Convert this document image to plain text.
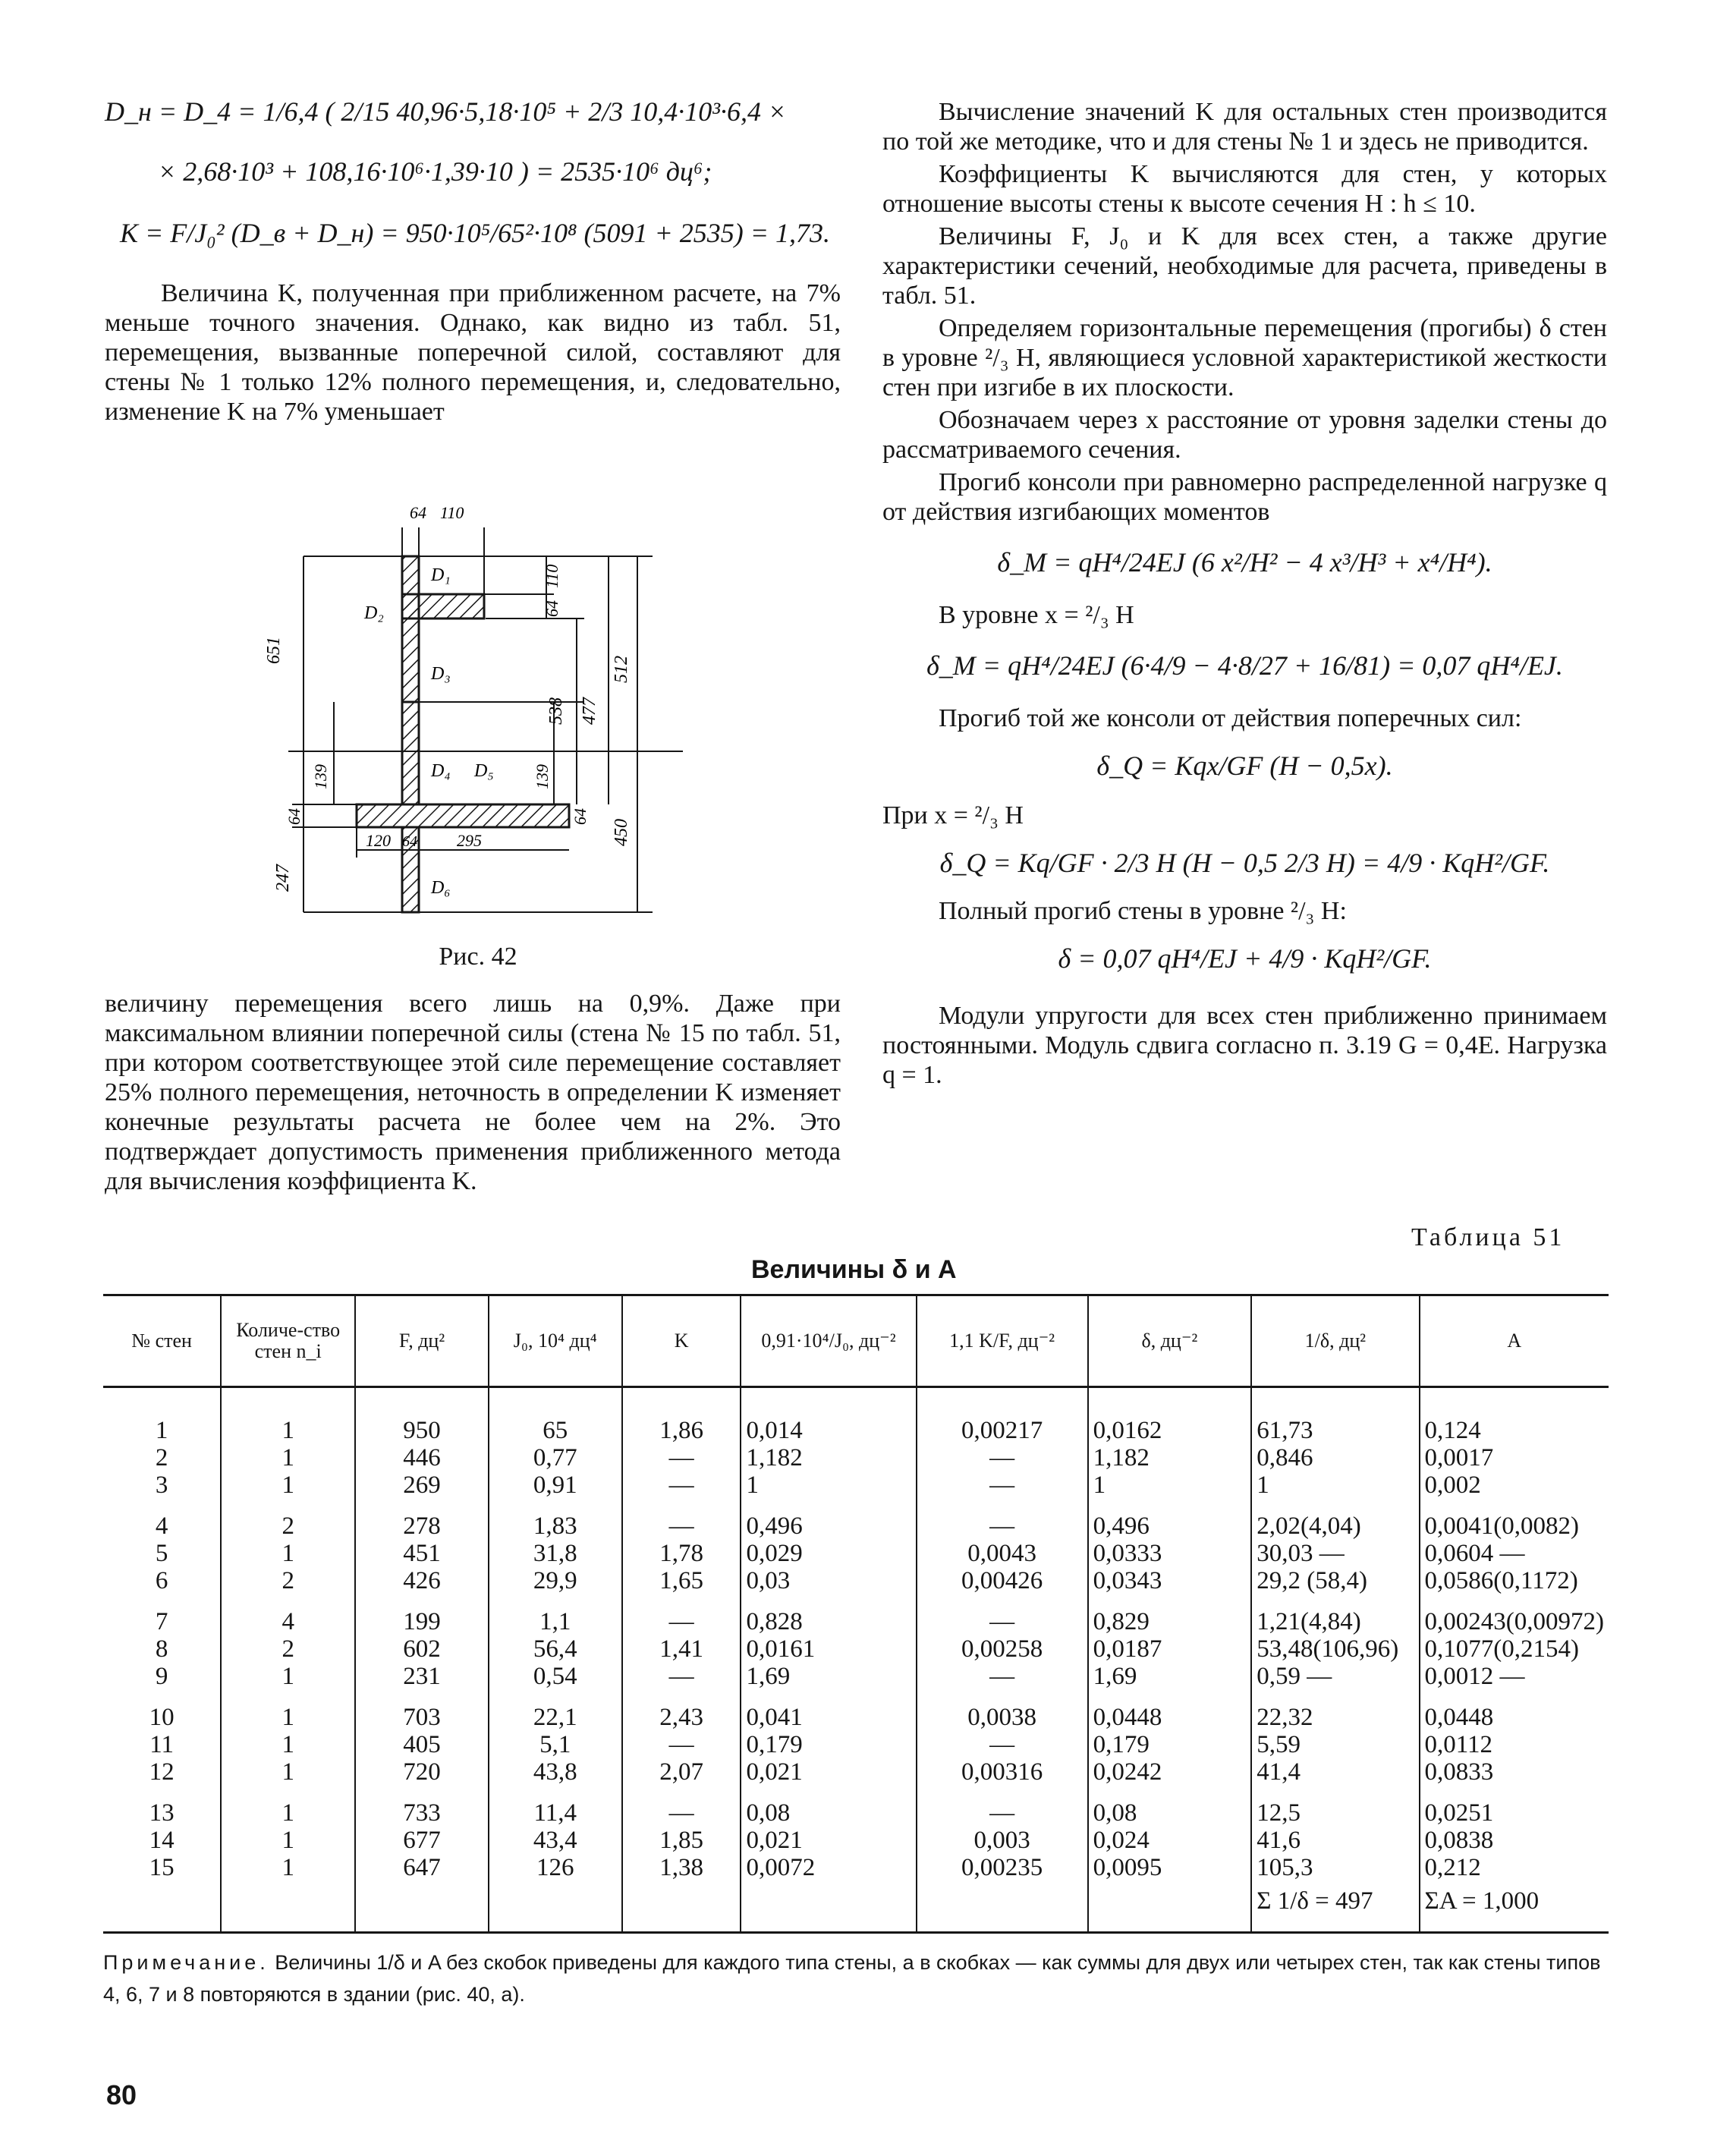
D_н = D_4 = 1/6,4 ( 2/15 40,96·5,18·10⁵ + 2/3 10,4·10³·6,4 ×
× 2,68·10³ + 108,16·10⁶·1,39·10 ) = 2535·10⁶ дц⁶;
K = F/J₀² (D_в + D_н) = 950·10⁵/65²·10⁸ (5091 + 2535) = 1,73.

Величина K, полученная при приближенном расчете, на 7% меньше точного значения. Однако, как видно из табл. 51, перемещения, вызванные поперечной силой, составляют для стены № 1 только 12% полного перемещения, и, следовательно, изменение K на 7% уменьшает

64 110
110
64
651
538 477
512
139	139
64	64
450
247
120 64 295
D₁
D₂
D₃
D₄ D₅
D₆
Рис. 42

величину перемещения всего лишь на 0,9%. Даже при максимальном влиянии поперечной силы (стена № 15 по табл. 51, при котором соответствующее этой силе перемещение составляет 25% полного перемещения, неточность в определении K изменяет конечные результаты расчета не более чем на 2%. Это подтверждает допустимость применения приближенного метода для вычисления коэффициента K.

Вычисление значений K для остальных стен производится по той же методике, что и для стены № 1 и здесь не приводится.

Коэффициенты K вычисляются для стен, у которых отношение высоты стены к высоте сечения H : h ≤ 10.

Величины F, J₀ и K для всех стен, а также другие характеристики сечений, необходимые для расчета, приведены в табл. 51.

Определяем горизонтальные перемещения (прогибы) δ стен в уровне ²/₃ H, являющиеся условной характеристикой жесткости стен при изгибе в их плоскости.

Обозначаем через x расстояние от уровня заделки стены до рассматриваемого сечения.

Прогиб консоли при равномерно распределенной нагрузке q от действия изгибающих моментов

δ_M = qH⁴/24EJ (6 x²/H² − 4 x³/H³ + x⁴/H⁴).

В уровне x = ²/₃ H

δ_M = qH⁴/24EJ (6·4/9 − 4·8/27 + 16/81) = 0,07 qH⁴/EJ.

Прогиб той же консоли от действия поперечных сил:

δ_Q = Kqx/GF (H − 0,5x).

При x = ²/₃ H

δ_Q = Kq/GF · 2/3 H (H − 0,5 2/3 H) = 4/9 · KqH²/GF.

Полный прогиб стены в уровне ²/₃ H:

δ = 0,07 qH⁴/EJ + 4/9 · KqH²/GF.

Модули упругости для всех стен приближенно принимаем постоянными. Модуль сдвига согласно п. 3.19 G = 0,4E. Нагрузка q = 1.

Таблица 51
Величины δ и A
№ стен	Количе-ство стен n_i	F, дц²	J₀, 10⁴ дц⁴	K	0,91·10⁴/J₀, дц⁻²	1,1 K/F, дц⁻²	δ, дц⁻²	1/δ, дц²	A
1	1	950	65	1,86	0,014	0,00217	0,0162	61,73	0,124
2	1	446	0,77	—	1,182	—	1,182	0,846	0,0017
3	1	269	0,91	—	1	—	1	1	0,002
4	2	278	1,83	—	0,496	—	0,496	2,02(4,04)	0,0041(0,0082)
5	1	451	31,8	1,78	0,029	0,0043	0,0333	30,03 —	0,0604 —
6	2	426	29,9	1,65	0,03	0,00426	0,0343	29,2 (58,4)	0,0586(0,1172)
7	4	199	1,1	—	0,828	—	0,829	1,21(4,84)	0,00243(0,00972)
8	2	602	56,4	1,41	0,0161	0,00258	0,0187	53,48(106,96)	0,1077(0,2154)
9	1	231	0,54	—	1,69	—	1,69	0,59 —	0,0012 —
10	1	703	22,1	2,43	0,041	0,0038	0,0448	22,32	0,0448
11	1	405	5,1	—	0,179	—	0,179	5,59	0,0112
12	1	720	43,8	2,07	0,021	0,00316	0,0242	41,4	0,0833
13	1	733	11,4	—	0,08	—	0,08	12,5	0,0251
14	1	677	43,4	1,85	0,021	0,003	0,024	41,6	0,0838
15	1	647	126	1,38	0,0072	0,00235	0,0095	105,3	0,212
								Σ 1/δ = 497	ΣA = 1,000
Примечание. Величины 1/δ и A без скобок приведены для каждого типа стены, а в скобках — как суммы для двух или четырех стен, так как стены типов 4, 6, 7 и 8 повторяются в здании (рис. 40, a).
80
